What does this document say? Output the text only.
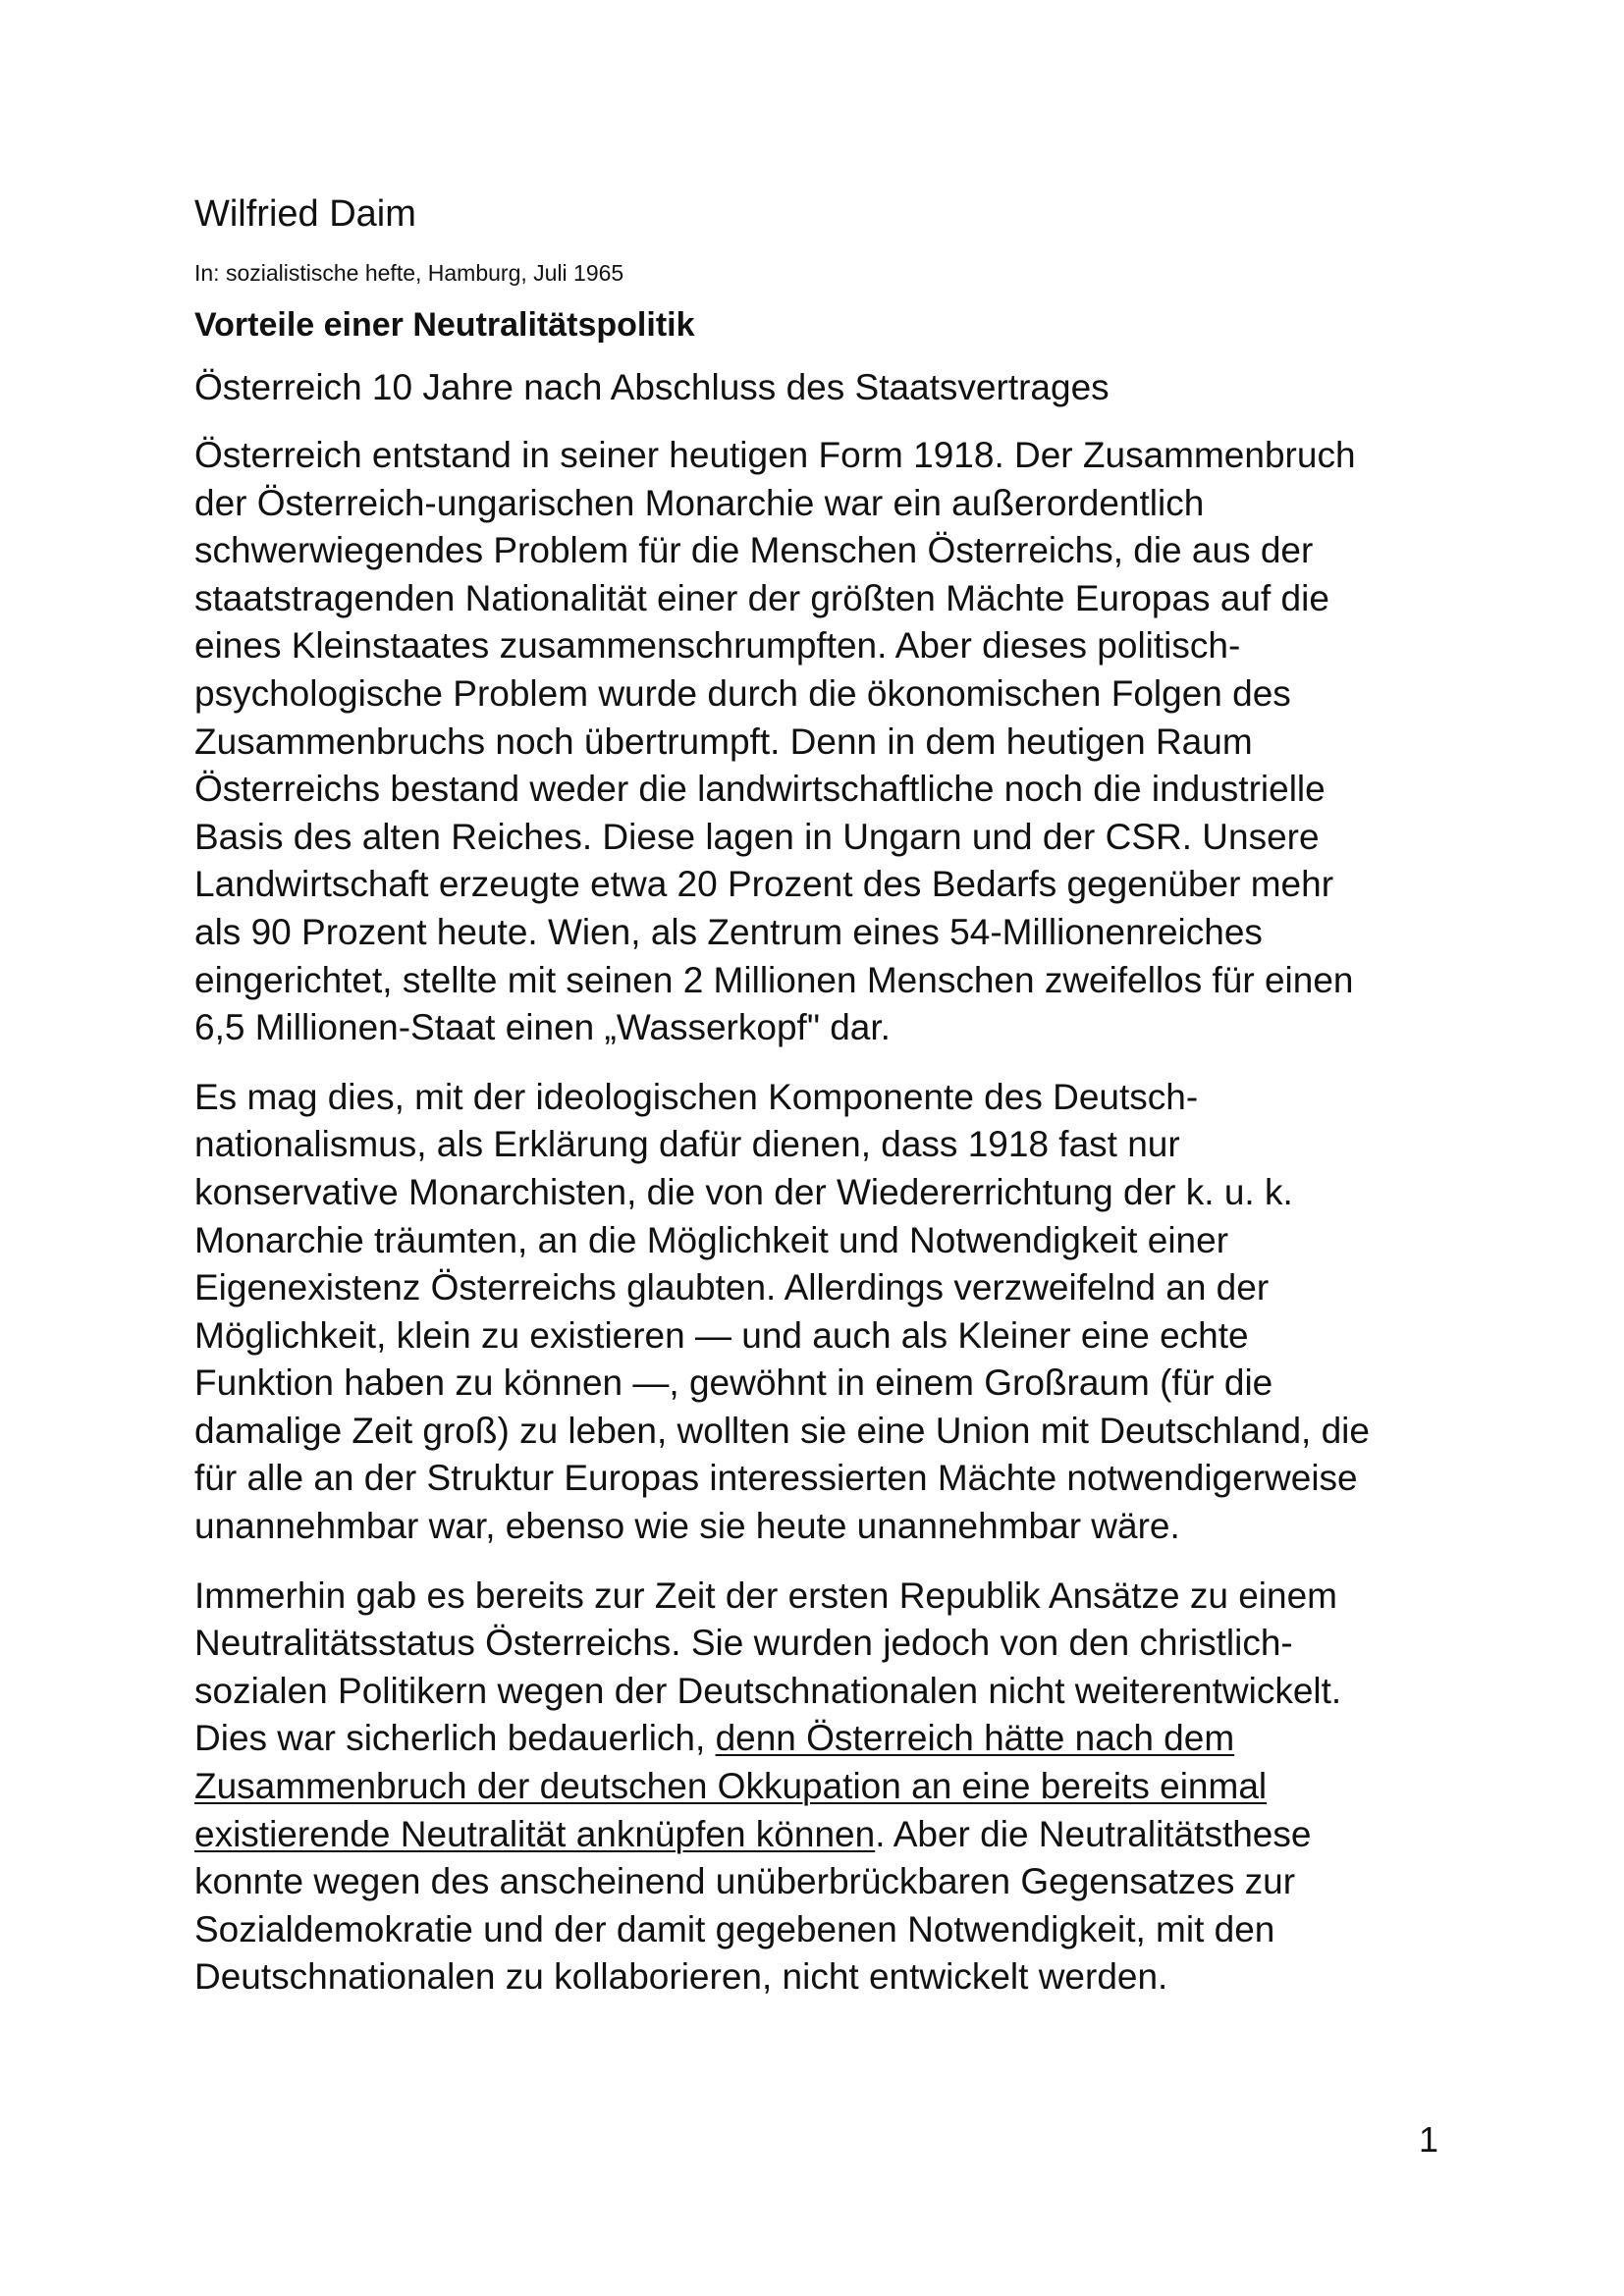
Wilfried Daim

In: sozialistische hefte, Hamburg, Juli 1965

Vorteile einer Neutralitätspolitik

Österreich 10 Jahre nach Abschluss des Staatsvertrages

Österreich entstand in seiner heutigen Form 1918. Der Zusammenbruch
der Österreich-ungarischen Monarchie war ein außerordentlich
schwerwiegendes Problem für die Menschen Österreichs, die aus der
staatstragenden Nationalität einer der größten Mächte Europas auf die
eines Kleinstaates zusammenschrumpften. Aber dieses politisch-
psychologische Problem wurde durch die ökonomischen Folgen des
Zusammenbruchs noch übertrumpft. Denn in dem heutigen Raum
Österreichs bestand weder die landwirtschaftliche noch die industrielle
Basis des alten Reiches. Diese lagen in Ungarn und der CSR. Unsere
Landwirtschaft erzeugte etwa 20 Prozent des Bedarfs gegenüber mehr
als 90 Prozent heute. Wien, als Zentrum eines 54-Millionenreiches
eingerichtet, stellte mit seinen 2 Millionen Menschen zweifellos für einen
6,5 Millionen-Staat einen „Wasserkopf" dar.

Es mag dies, mit der ideologischen Komponente des Deutsch-
nationalismus, als Erklärung dafür dienen, dass 1918 fast nur
konservative Monarchisten, die von der Wiedererrichtung der k. u. k.
Monarchie träumten, an die Möglichkeit und Notwendigkeit einer
Eigenexistenz Österreichs glaubten. Allerdings verzweifelnd an der
Möglichkeit, klein zu existieren — und auch als Kleiner eine echte
Funktion haben zu können —, gewöhnt in einem Großraum (für die
damalige Zeit groß) zu leben, wollten sie eine Union mit Deutschland, die
für alle an der Struktur Europas interessierten Mächte notwendigerweise
unannehmbar war, ebenso wie sie heute unannehmbar wäre.

Immerhin gab es bereits zur Zeit der ersten Republik Ansätze zu einem
Neutralitätsstatus Österreichs. Sie wurden jedoch von den christlich-
sozialen Politikern wegen der Deutschnationalen nicht weiterentwickelt.
Dies war sicherlich bedauerlich, denn Österreich hätte nach dem
Zusammenbruch der deutschen Okkupation an eine bereits einmal
existierende Neutralität anknüpfen können. Aber die Neutralitätsthese
konnte wegen des anscheinend unüberbrückbaren Gegensatzes zur
Sozialdemokratie und der damit gegebenen Notwendigkeit, mit den
Deutschnationalen zu kollaborieren, nicht entwickelt werden.

1
